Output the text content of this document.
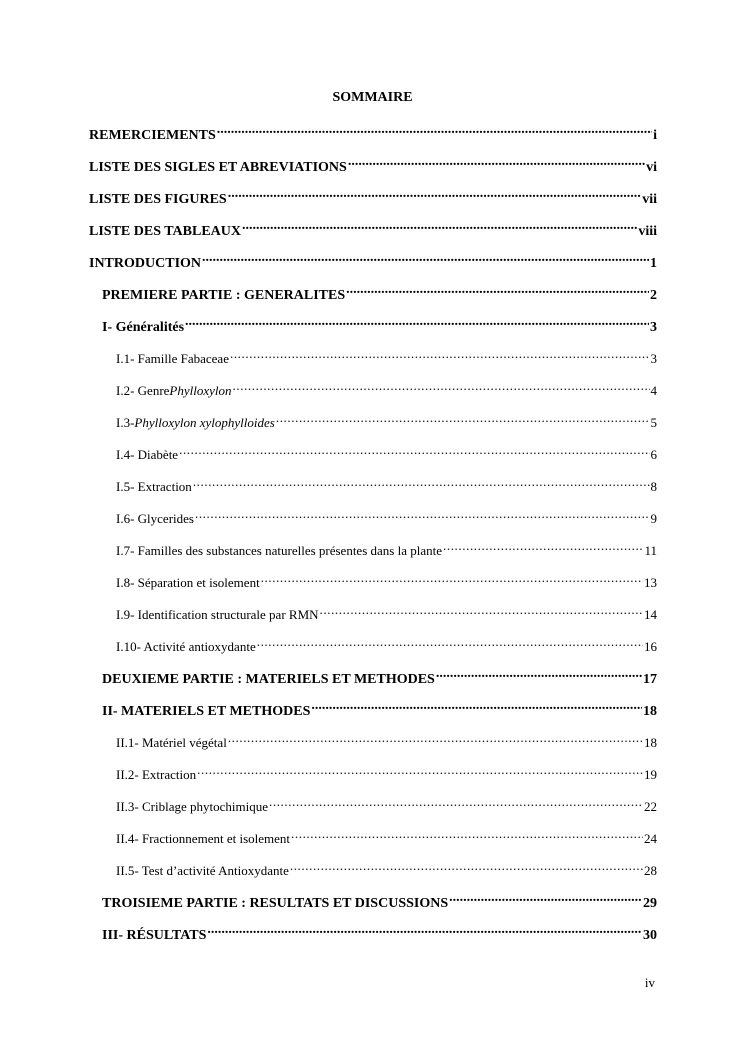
SOMMAIRE
REMERCIEMENTS .....	i
LISTE DES SIGLES ET ABREVIATIONS .....	vi
LISTE DES FIGURES .....	vii
LISTE DES TABLEAUX .....	viii
INTRODUCTION .....	1
PREMIERE PARTIE : GENERALITES .....	2
I- Généralités .....	3
I.1- Famille Fabaceae .....	3
I.2- Genre Phylloxylon .....	4
I.3- Phylloxylon xylophylloides .....	5
I.4- Diabète .....	6
I.5- Extraction .....	8
I.6- Glycerides .....	9
I.7- Familles des substances naturelles présentes dans la plante .....	11
I.8- Séparation et isolement .....	13
I.9- Identification structurale par RMN .....	14
I.10- Activité antioxydante .....	16
DEUXIEME PARTIE : MATERIELS ET METHODES .....	17
II- MATERIELS ET METHODES .....	18
II.1- Matériel végétal .....	18
II.2- Extraction .....	19
II.3- Criblage phytochimique .....	22
II.4- Fractionnement et isolement .....	24
II.5- Test d’activité Antioxydante .....	28
TROISIEME PARTIE : RESULTATS ET DISCUSSIONS .....	29
III- RÉSULTATS .....	30
iv
